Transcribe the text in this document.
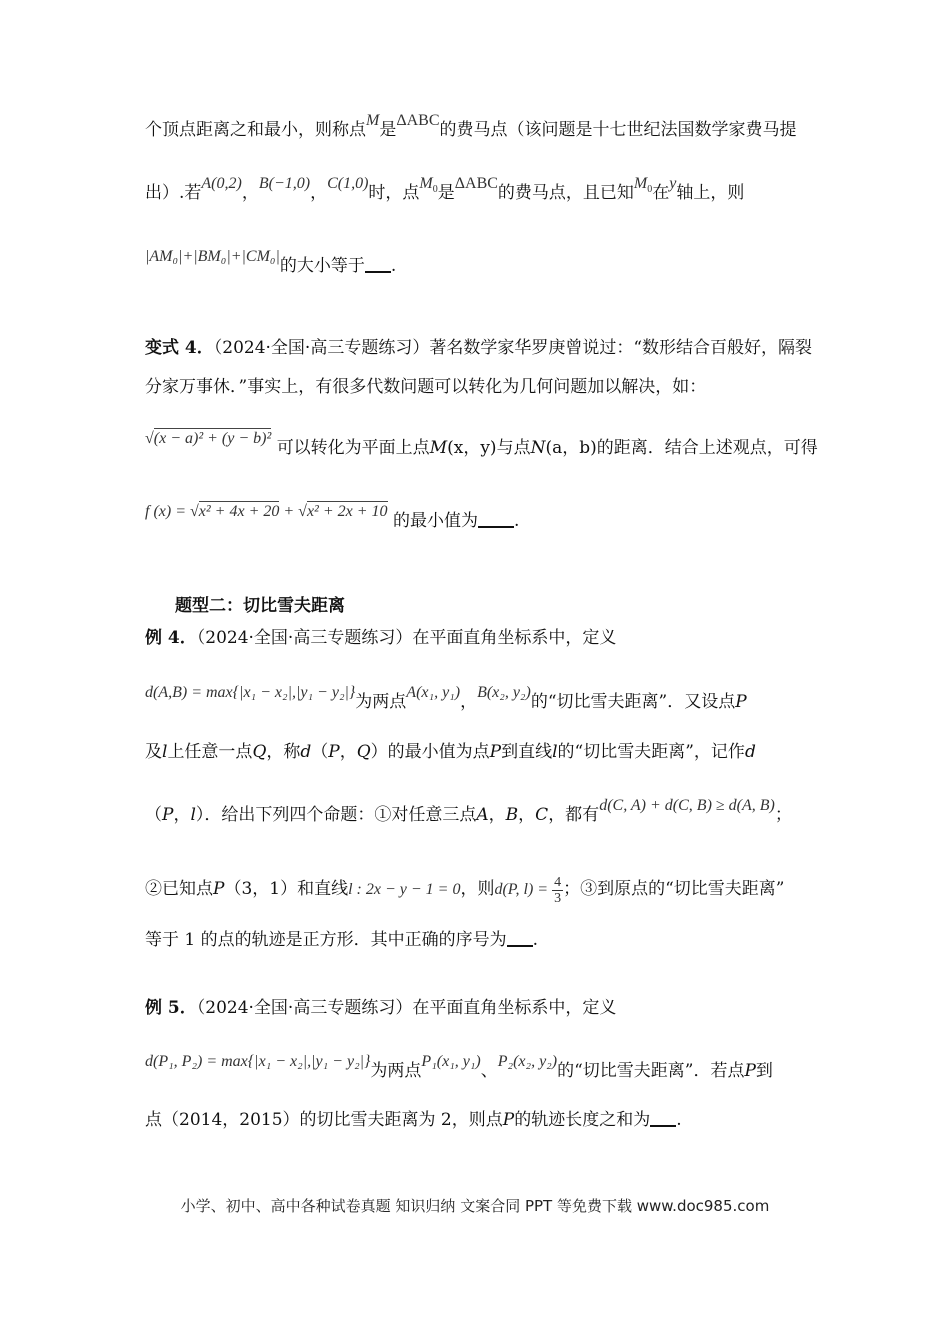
个顶点距离之和最小，则称点M是ΔABC的费马点（该问题是十七世纪法国数学家费马提
出）.若A(0,2)，B(−1,0)，C(1,0)时，点$M_0$是ΔABC的费马点，且已知$M_0$在y轴上，则
|AM₀|+|BM₀|+|CM₀|的大小等于 .
变式 4．（2024·全国·高三专题练习）著名数学家华罗庚曾说过：“数形结合百般好，隔裂
分家万事休．”事实上，有很多代数问题可以转化为几何问题加以解决，如：
√(x − a)² + (y − b)² 可以转化为平面上点M(x，y)与点N(a，b)的距离．结合上述观点，可得
f (x) = √x² + 4x + 20 + √x² + 2x + 10 的最小值为 .
题型二：切比雪夫距离
例 4．（2024·全国·高三专题练习）在平面直角坐标系中，定义
d(A,B) = max{|x₁ − x₂|,|y₁ − y₂|}为两点A(x₁, y₁)，B(x₂, y₂)的“切比雪夫距离”．又设点P
及l上任意一点Q，称d（P，Q）的最小值为点P到直线l的“切比雪夫距离”，记作d
（P，l）．给出下列四个命题：①对任意三点A，B，C，都有d(C, A) + d(C, B) ≥ d(A, B)；
②已知点P（3，1）和直线l : 2x − y − 1 = 0，则d(P, $l) = \frac{4}{3}$ ；③到原点的“切比雪夫距离”
等于 1 的点的轨迹是正方形．其中正确的序号为 .
例 5．（2024·全国·高三专题练习）在平面直角坐标系中，定义
d(P₁, P₂) = max{|x₁ − x₂|,|y₁ − y₂|}为两点P₁(x₁, y₁)、P₂(x₂, y₂)的“切比雪夫距离”．若点P到
点（2014，2015）的切比雪夫距离为 2，则点P的轨迹长度之和为 .
小学、初中、高中各种试卷真题 知识归纳 文案合同 PPT 等免费下载 www.doc985.com
